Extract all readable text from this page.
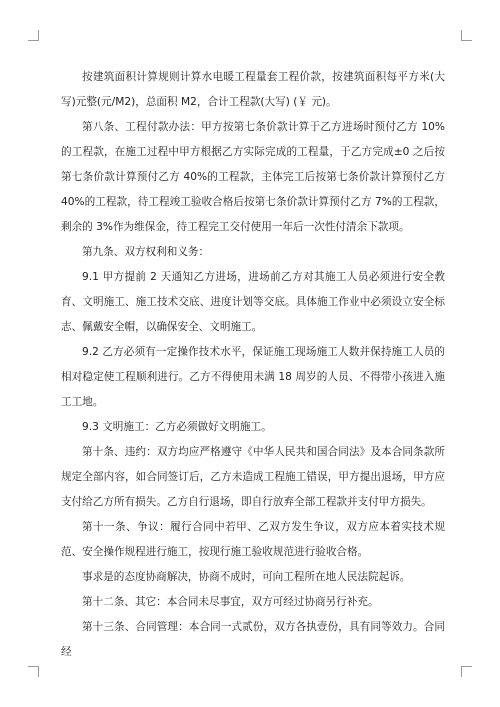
按建筑面积计算规则计算水电暖工程量套工程价款，按建筑面积每平方米(大写)元整(元/M2)，总面积 M2，合计工程款(大写) (￥ 元)。

第八条、工程付款办法：甲方按第七条价款计算于乙方进场时预付乙方 10%的工程款，在施工过程中甲方根据乙方实际完成的工程量，于乙方完成±0 之后按第七条价款计算预付乙方 40%的工程款，主体完工后按第七条价款计算预付乙方 40%的工程款，待工程竣工验收合格后按第七条价款计算预付乙方 7%的工程款，剩余的 3%作为维保金，待工程完工交付使用一年后一次性付清余下款项。

第九条、双方权利和义务：

9.1 甲方提前 2 天通知乙方进场，进场前乙方对其施工人员必须进行安全教育、文明施工、施工技术交底、进度计划等交底。具体施工作业中必须设立安全标志、佩戴安全帽，以确保安全、文明施工。

9.2 乙方必须有一定操作技术水平，保证施工现场施工人数并保持施工人员的相对稳定使工程顺利进行。乙方不得使用未满 18 周岁的人员、不得带小孩进入施工工地。

9.3 文明施工：乙方必须做好文明施工。

第十条、违约：双方均应严格遵守《中华人民共和国合同法》及本合同条款所规定全部内容，如合同签订后，乙方未造成工程施工错误，甲方提出退场，甲方应支付给乙方所有损失。乙方自行退场，即自行放弃全部工程款并支付甲方损失。

第十一条、争议：履行合同中若甲、乙双方发生争议，双方应本着实技术规范、安全操作规程进行施工，按现行施工验收规范进行验收合格。

事求是的态度协商解决，协商不成时，可向工程所在地人民法院起诉。

第十二条、其它：本合同未尽事宜，双方可经过协商另行补充。

第十三条、合同管理：本合同一式贰份，双方各执壹份，具有同等效力。合同经
